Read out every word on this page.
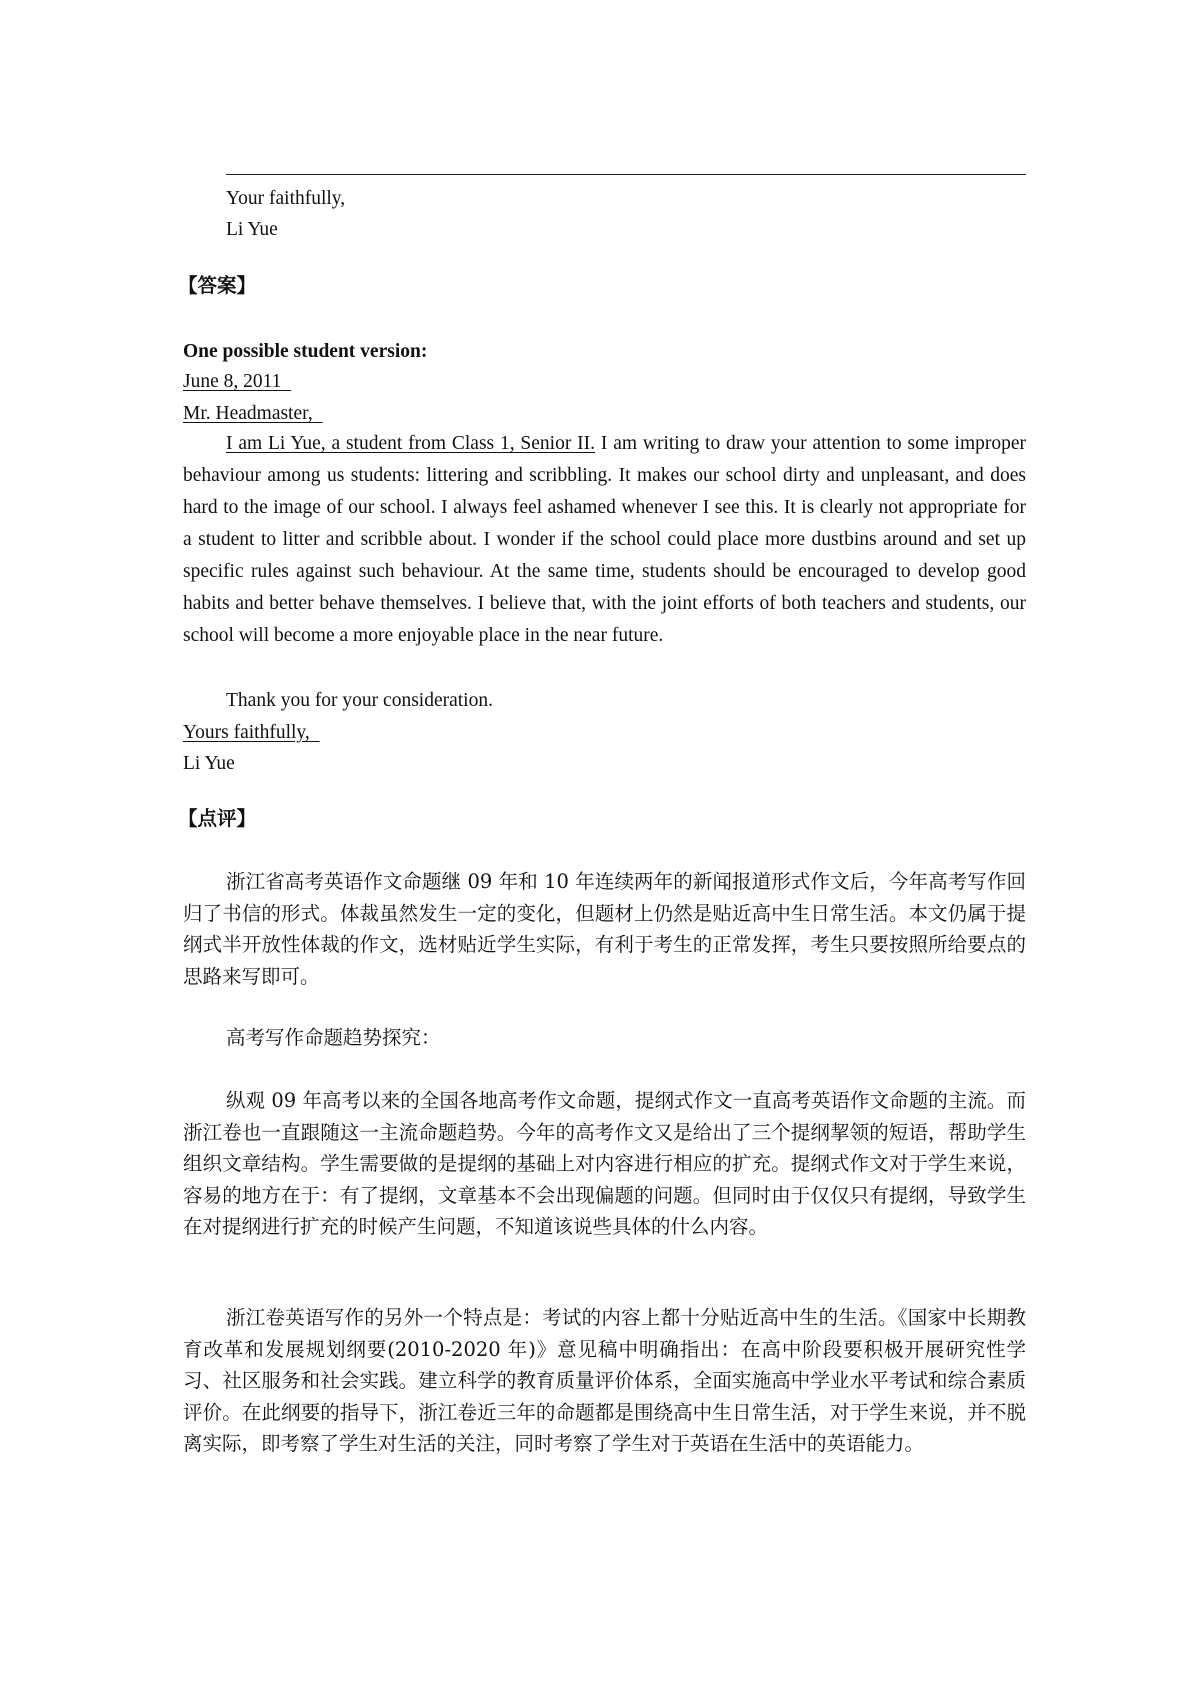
Your faithfully,
Li Yue
【答案】
One possible student version:
June 8, 2011
Mr. Headmaster,
I am Li Yue, a student from Class 1, Senior II. I am writing to draw your attention to some improper behaviour among us students: littering and scribbling. It makes our school dirty and unpleasant, and does hard to the image of our school. I always feel ashamed whenever I see this. It is clearly not appropriate for a student to litter and scribble about. I wonder if the school could place more dustbins around and set up specific rules against such behaviour. At the same time, students should be encouraged to develop good habits and better behave themselves. I believe that, with the joint efforts of both teachers and students, our school will become a more enjoyable place in the near future.
Thank you for your consideration.
Yours faithfully,
Li Yue
【点评】
浙江省高考英语作文命题继 09 年和 10 年连续两年的新闻报道形式作文后，今年高考写作回归了书信的形式。体裁虽然发生一定的变化，但题材上仍然是贴近高中生日常生活。本文仍属于提纲式半开放性体裁的作文，选材贴近学生实际，有利于考生的正常发挥，考生只要按照所给要点的思路来写即可。
高考写作命题趋势探究：
纵观 09 年高考以来的全国各地高考作文命题，提纲式作文一直高考英语作文命题的主流。而浙江卷也一直跟随这一主流命题趋势。今年的高考作文又是给出了三个提纲挈领的短语，帮助学生组织文章结构。学生需要做的是提纲的基础上对内容进行相应的扩充。提纲式作文对于学生来说，容易的地方在于：有了提纲，文章基本不会出现偏题的问题。但同时由于仅仅只有提纲，导致学生在对提纲进行扩充的时候产生问题，不知道该说些具体的什么内容。
浙江卷英语写作的另外一个特点是：考试的内容上都十分贴近高中生的生活。《国家中长期教育改革和发展规划纲要(2010-2020 年)》意见稿中明确指出：在高中阶段要积极开展研究性学习、社区服务和社会实践。建立科学的教育质量评价体系，全面实施高中学业水平考试和综合素质评价。在此纲要的指导下，浙江卷近三年的命题都是围绕高中生日常生活，对于学生来说，并不脱离实际，即考察了学生对生活的关注，同时考察了学生对于英语在生活中的英语能力。
